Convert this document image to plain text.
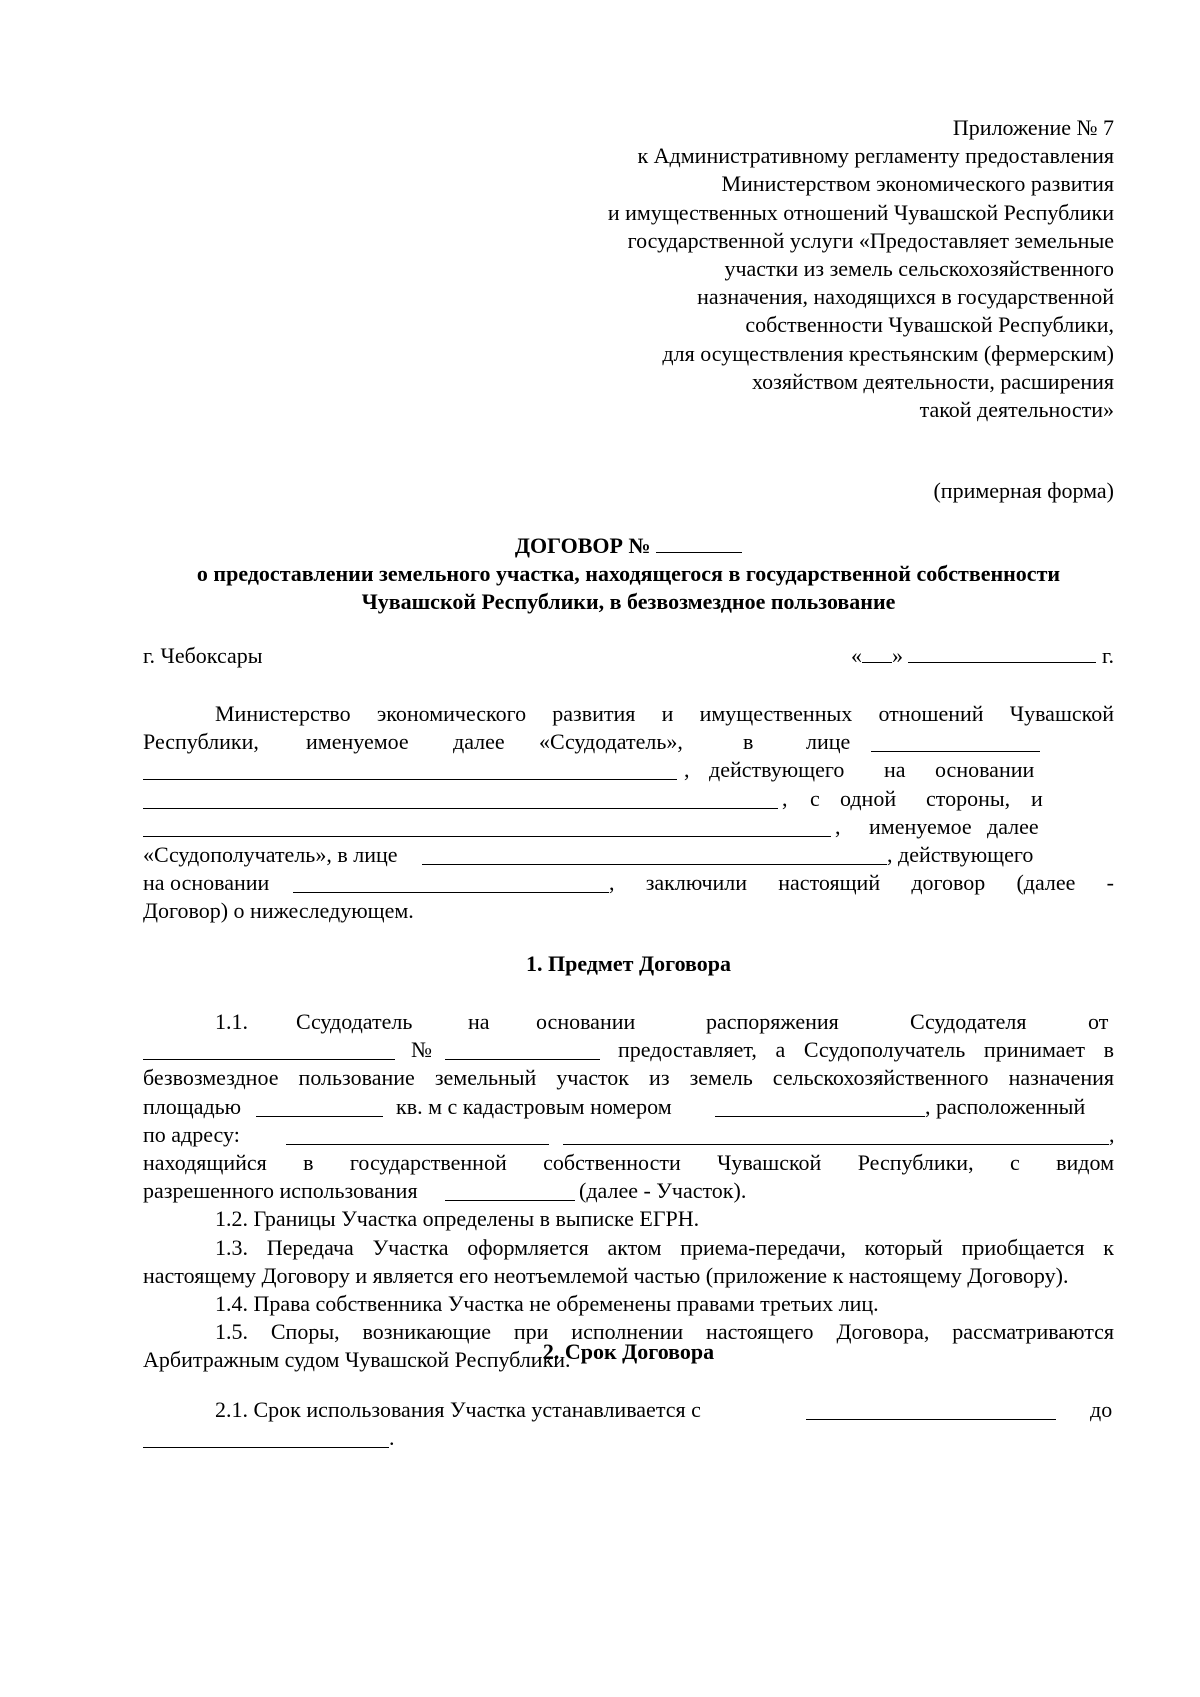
Приложение № 7
к Административному регламенту предоставления
Министерством экономического развития
и имущественных отношений Чувашской Республики
государственной услуги «Предоставляет земельные
участки из земель сельскохозяйственного
назначения, находящихся в государственной
собственности Чувашской Республики,
для осуществления крестьянским (фермерским)
хозяйством деятельности, расширения
такой деятельности»
(примерная форма)
ДОГОВОР №
о предоставлении земельного участка, находящегося в государственной собственности
Чувашской Республики, в безвозмездное пользование
г. Чебоксары	« »	г.
Министерство экономического развития и имущественных отношений Чувашской
Республики, именуемое далее «Ссудодатель»,	в лице
, действующего на основании
, с одной стороны, и
, именуемое далее
«Ссудополучатель», в лице	, действующего
на основании	, заключили настоящий договор (далее -
Договор) о нижеследующем.
1. Предмет Договора
1.1. Ссудодатель	на основании	распоряжения	Ссудодателя	от
№	предоставляет, а Ссудополучатель принимает в
безвозмездное пользование земельный участок из земель сельскохозяйственного назначения
площадью	кв. м с кадастровым номером	, расположенный
по адресу:	,
находящийся в государственной собственности Чувашской Республики, с видом
разрешенного использования	(далее - Участок).
1.2. Границы Участка определены в выписке ЕГРН.
1.3. Передача Участка оформляется актом приема-передачи, который приобщается к настоящему Договору и является его неотъемлемой частью (приложение к настоящему Договору).
1.4. Права собственника Участка не обременены правами третьих лиц.
1.5. Споры, возникающие при исполнении настоящего Договора, рассматриваются Арбитражным судом Чувашской Республики.
2. Срок Договора
2.1. Срок использования Участка устанавливается с	до
.
